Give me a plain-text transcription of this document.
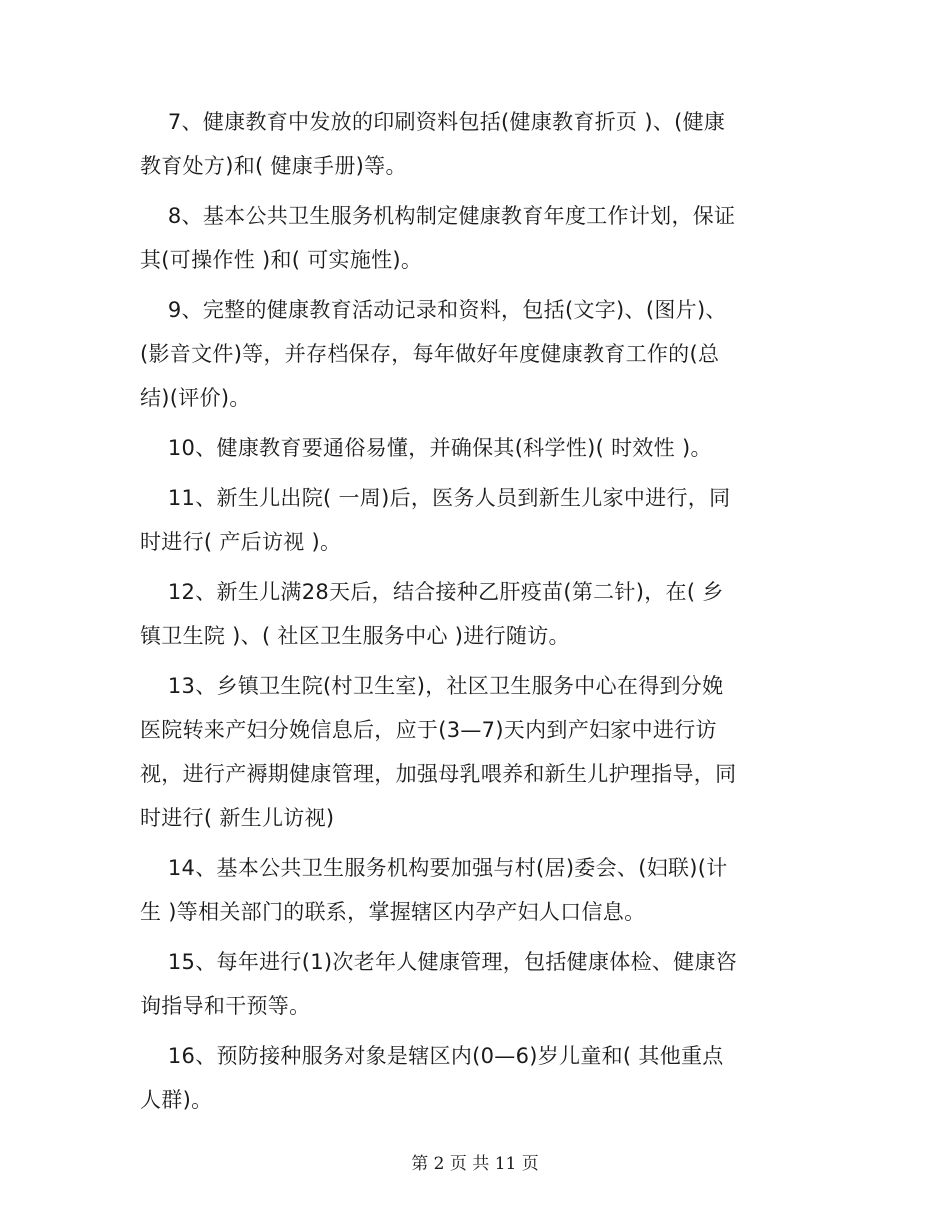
7、健康教育中发放的印刷资料包括(健康教育折页 )、(健康

教育处方)和( 健康手册)等。

8、基本公共卫生服务机构制定健康教育年度工作计划，保证

其(可操作性 )和( 可实施性)。

9、完整的健康教育活动记录和资料，包括(文字)、(图片)、

(影音文件)等，并存档保存，每年做好年度健康教育工作的(总

结)(评价)。

10、健康教育要通俗易懂，并确保其(科学性)( 时效性 )。

11、新生儿出院( 一周)后，医务人员到新生儿家中进行，同

时进行( 产后访视 )。

12、新生儿满28天后，结合接种乙肝疫苗(第二针)，在( 乡

镇卫生院 )、( 社区卫生服务中心 )进行随访。

13、乡镇卫生院(村卫生室)，社区卫生服务中心在得到分娩

医院转来产妇分娩信息后，应于(3—7)天内到产妇家中进行访

视，进行产褥期健康管理，加强母乳喂养和新生儿护理指导，同

时进行( 新生儿访视)

14、基本公共卫生服务机构要加强与村(居)委会、(妇联)(计

生 )等相关部门的联系，掌握辖区内孕产妇人口信息。

15、每年进行(1)次老年人健康管理，包括健康体检、健康咨

询指导和干预等。

16、预防接种服务对象是辖区内(0—6)岁儿童和( 其他重点

人群)。

第 2 页 共 11 页
